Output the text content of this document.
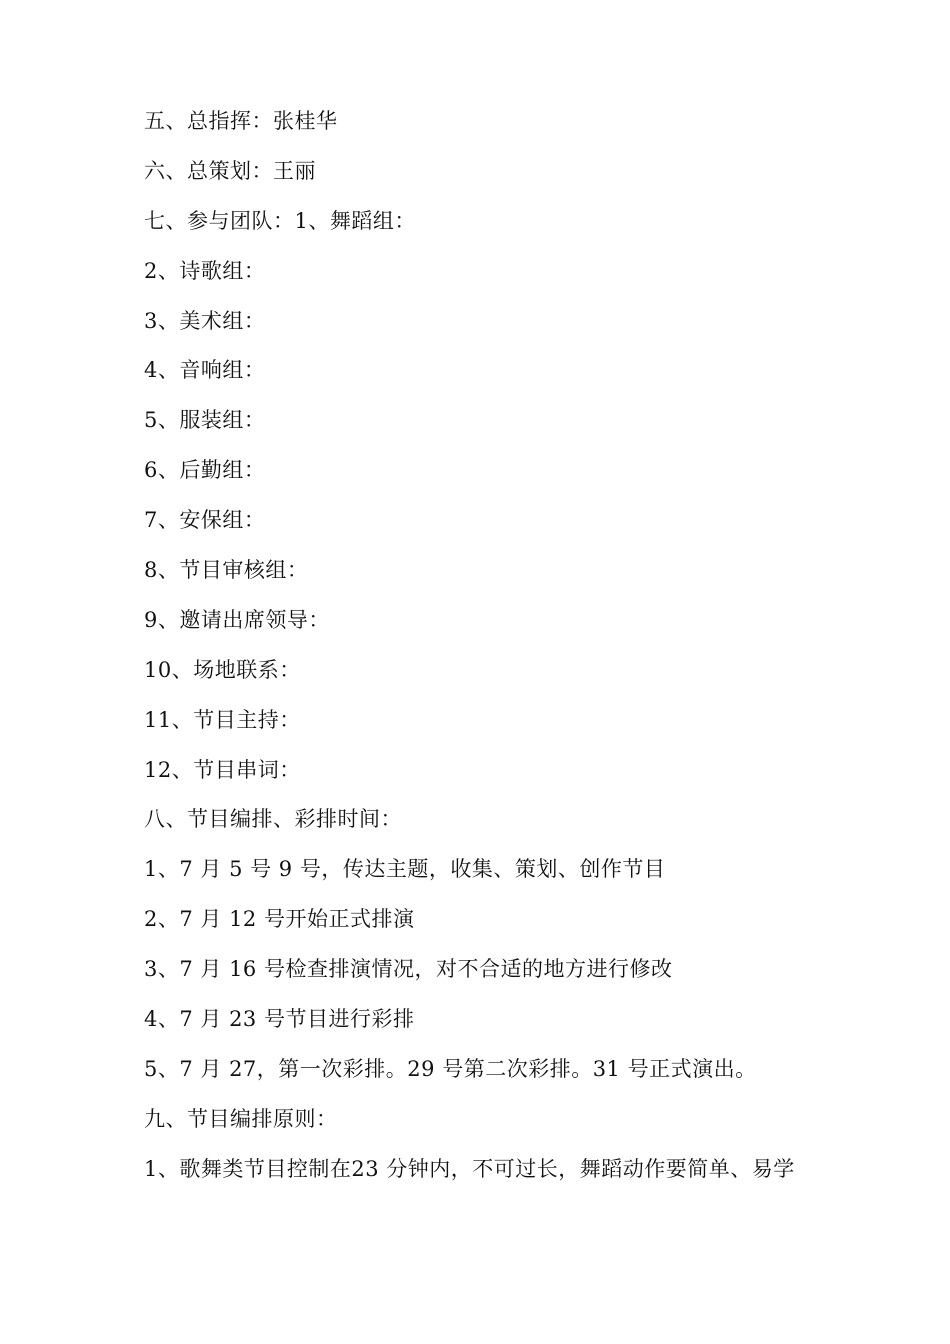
五、总指挥：张桂华
六、总策划：王丽
七、参与团队：1、舞蹈组：
2、诗歌组：
3、美术组：
4、音响组：
5、服装组：
6、后勤组：
7、安保组：
8、节目审核组：
9、邀请出席领导：
10、场地联系：
11、节目主持：
12、节目串词：
八、节目编排、彩排时间：
1、7 月 5 号 9 号，传达主题，收集、策划、创作节目
2、7 月 12 号开始正式排演
3、7 月 16 号检查排演情况，对不合适的地方进行修改
4、7 月 23 号节目进行彩排
5、7 月 27，第一次彩排。29 号第二次彩排。31 号正式演出。
九、节目编排原则：
1、歌舞类节目控制在23 分钟内，不可过长，舞蹈动作要简单、易学
